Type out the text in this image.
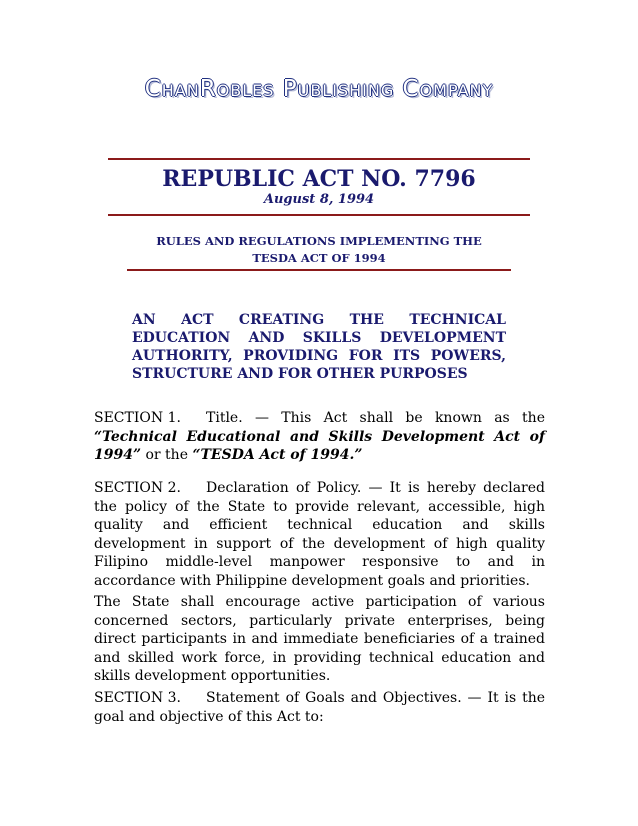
ChanRobles Publishing Company
REPUBLIC ACT NO. 7796
August 8, 1994
RULES AND REGULATIONS IMPLEMENTING THE TESDA ACT OF 1994
AN ACT CREATING THE TECHNICAL EDUCATION AND SKILLS DEVELOPMENT AUTHORITY, PROVIDING FOR ITS POWERS, STRUCTURE AND FOR OTHER PURPOSES
SECTION 1. Title. — This Act shall be known as the “Technical Educational and Skills Development Act of 1994” or the “TESDA Act of 1994.”
SECTION 2. Declaration of Policy. — It is hereby declared the policy of the State to provide relevant, accessible, high quality and efficient technical education and skills development in support of the development of high quality Filipino middle-level manpower responsive to and in accordance with Philippine development goals and priorities.
The State shall encourage active participation of various concerned sectors, particularly private enterprises, being direct participants in and immediate beneficiaries of a trained and skilled work force, in providing technical education and skills development opportunities.
SECTION 3. Statement of Goals and Objectives. — It is the goal and objective of this Act to:
